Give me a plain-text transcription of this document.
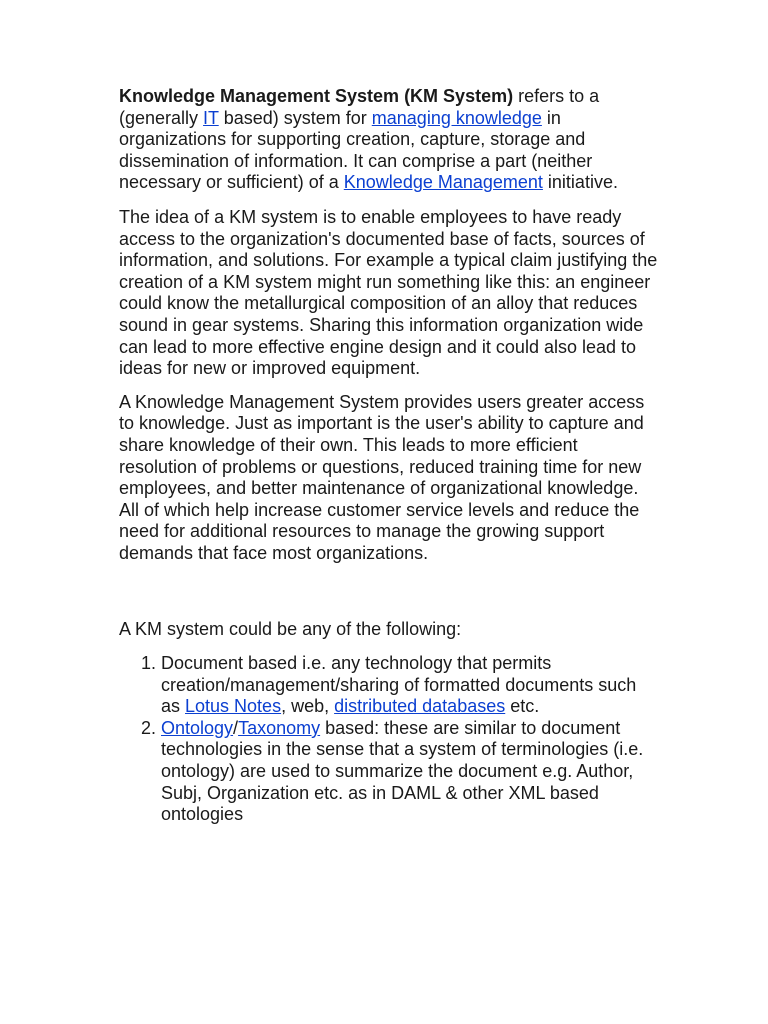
Knowledge Management System (KM System) refers to a (generally IT based) system for managing knowledge in organizations for supporting creation, capture, storage and dissemination of information. It can comprise a part (neither necessary or sufficient) of a Knowledge Management initiative.

The idea of a KM system is to enable employees to have ready access to the organization's documented base of facts, sources of information, and solutions. For example a typical claim justifying the creation of a KM system might run something like this: an engineer could know the metallurgical composition of an alloy that reduces sound in gear systems. Sharing this information organization wide can lead to more effective engine design and it could also lead to ideas for new or improved equipment.

A Knowledge Management System provides users greater access to knowledge. Just as important is the user's ability to capture and share knowledge of their own. This leads to more efficient resolution of problems or questions, reduced training time for new employees, and better maintenance of organizational knowledge. All of which help increase customer service levels and reduce the need for additional resources to manage the growing support demands that face most organizations.

A KM system could be any of the following:

1. Document based i.e. any technology that permits creation/management/sharing of formatted documents such as Lotus Notes, web, distributed databases etc.
2. Ontology/Taxonomy based: these are similar to document technologies in the sense that a system of terminologies (i.e. ontology) are used to summarize the document e.g. Author, Subj, Organization etc. as in DAML & other XML based ontologies
